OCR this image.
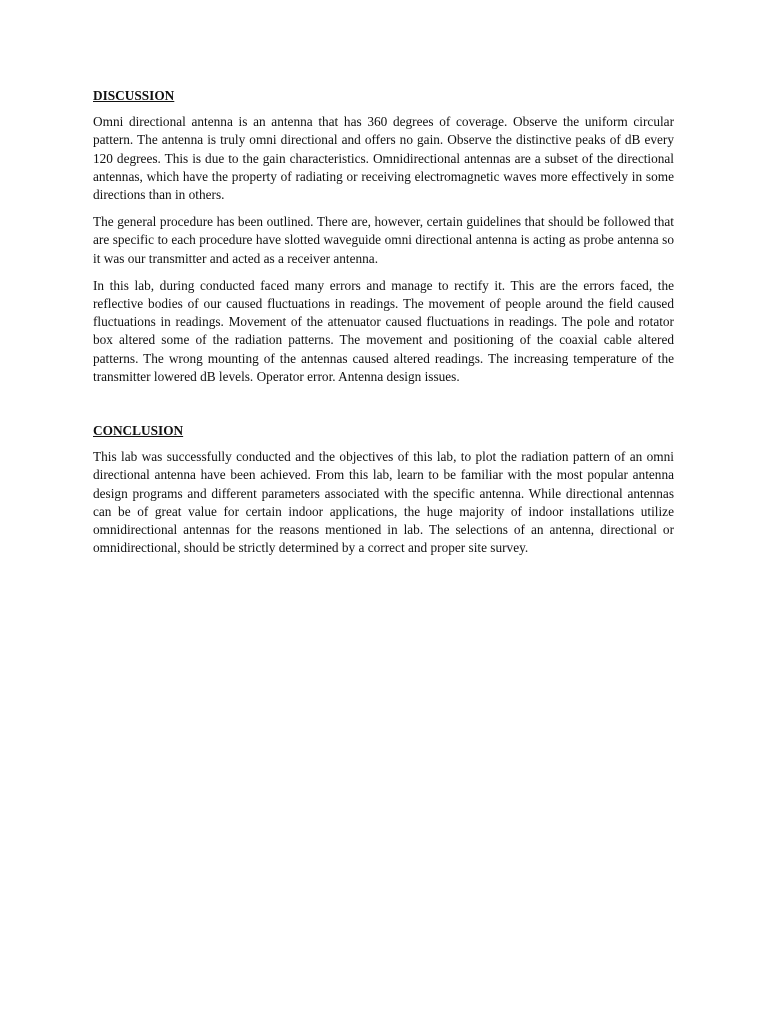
DISCUSSION

Omni directional antenna is an antenna that has 360 degrees of coverage. Observe the uniform circular pattern. The antenna is truly omni directional and offers no gain. Observe the distinctive peaks of dB every 120 degrees. This is due to the gain characteristics. Omnidirectional antennas are a subset of the directional antennas, which have the property of radiating or receiving electromagnetic waves more effectively in some directions than in others.

The general procedure has been outlined. There are, however, certain guidelines that should be followed that are specific to each procedure have slotted waveguide omni directional antenna is acting as probe antenna so it was our transmitter and acted as a receiver antenna.

In this lab, during conducted faced many errors and manage to rectify it. This are the errors faced, the reflective bodies of our caused fluctuations in readings. The movement of people around the field caused fluctuations in readings. Movement of the attenuator caused fluctuations in readings. The pole and rotator box altered some of the radiation patterns. The movement and positioning of the coaxial cable altered patterns. The wrong mounting of the antennas caused altered readings. The increasing temperature of the transmitter lowered dB levels. Operator error. Antenna design issues.

CONCLUSION

This lab was successfully conducted and the objectives of this lab, to plot the radiation pattern of an omni directional antenna have been achieved. From this lab, learn to be familiar with the most popular antenna design programs and different parameters associated with the specific antenna. While directional antennas can be of great value for certain indoor applications, the huge majority of indoor installations utilize omnidirectional antennas for the reasons mentioned in lab. The selections of an antenna, directional or omnidirectional, should be strictly determined by a correct and proper site survey.
